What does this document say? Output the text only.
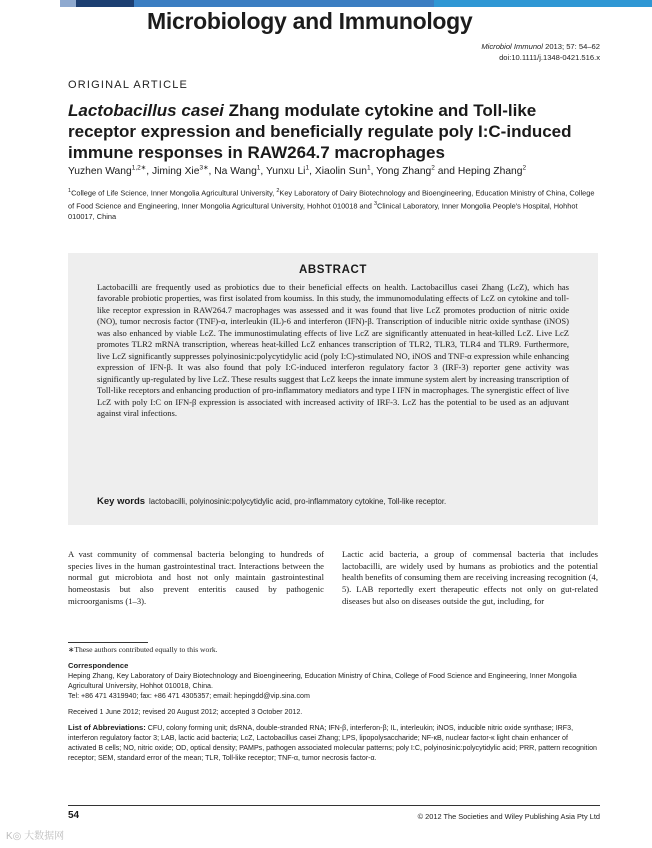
Microbiology and Immunology
Microbiol Immunol 2013; 57: 54–62
doi:10.1111/j.1348-0421.516.x
ORIGINAL ARTICLE
Lactobacillus casei Zhang modulate cytokine and Toll-like receptor expression and beneficially regulate poly I:C-induced immune responses in RAW264.7 macrophages
Yuzhen Wang$^{1,2∗}$, Jiming Xie$^{3∗}$, Na Wang$^1$, Yunxu Li$^1$, Xiaolin Sun$^1$, Yong Zhang$^2$ and Heping Zhang$^2$
$^1$College of Life Science, Inner Mongolia Agricultural University, $^2$Key Laboratory of Dairy Biotechnology and Bioengineering, Education Ministry of China, College of Food Science and Engineering, Inner Mongolia Agricultural University, Hohhot 010018 and $^3$Clinical Laboratory, Inner Mongolia People's Hospital, Hohhot 010017, China
ABSTRACT
Lactobacilli are frequently used as probiotics due to their beneficial effects on health. Lactobacillus casei Zhang (LcZ), which has favorable probiotic properties, was first isolated from koumiss. In this study, the immunomodulating effects of LcZ on cytokine and toll-like receptor expression in RAW264.7 macrophages was assessed and it was found that live LcZ promotes production of nitric oxide (NO), tumor necrosis factor (TNF)-α, interleukin (IL)-6 and interferon (IFN)-β. Transcription of inducible nitric oxide synthase (iNOS) was also enhanced by viable LcZ. The immunostimulating effects of live LcZ are significantly attenuated in heat-killed LcZ. Live LcZ promotes TLR2 mRNA transcription, whereas heat-killed LcZ enhances transcription of TLR2, TLR3, TLR4 and TLR9. Furthermore, live LcZ significantly suppresses polyinosinic:polycytidylic acid (poly I:C)-stimulated NO, iNOS and TNF-α expression while enhancing expression of IFN-β. It was also found that poly I:C-induced interferon regulatory factor 3 (IRF-3) reporter gene activity was significantly up-regulated by live LcZ. These results suggest that LcZ keeps the innate immune system alert by increasing transcription of Toll-like receptors and enhancing production of pro-inflammatory mediators and type I IFN in macrophages. The synergistic effect of live LcZ with poly I:C on IFN-β expression is associated with increased activity of IRF-3. LcZ has the potential to be used as an adjuvant against viral infections.
Key words lactobacilli, polyinosinic:polycytidylic acid, pro-inflammatory cytokine, Toll-like receptor.
A vast community of commensal bacteria belonging to hundreds of species lives in the human gastrointestinal tract. Interactions between the normal gut microbiota and host not only maintain gastrointestinal homeostasis but also prevent enteritis caused by pathogenic microorganisms (1–3).
Lactic acid bacteria, a group of commensal bacteria that includes lactobacilli, are widely used by humans as probiotics and the potential health benefits of consuming them are receiving increasing recognition (4, 5). LAB reportedly exert therapeutic effects not only on gut-related diseases but also on diseases outside the gut, including, for

∗These authors contributed equally to this work.

Correspondence

Heping Zhang, Key Laboratory of Dairy Biotechnology and Bioengineering, Education Ministry of China, College of Food Science and Engineering, Inner Mongolia Agricultural University, Hohhot 010018, China.

Tel: +86 471 4319940; fax: +86 471 4305357; email: hepingdd@vip.sina.com

Received 1 June 2012; revised 20 August 2012; accepted 3 October 2012.

List of Abbreviations: CFU, colony forming unit; dsRNA, double-stranded RNA; IFN-β, interferon-β; IL, interleukin; iNOS, inducible nitric oxide synthase; IRF3, interferon regulatory factor 3; LAB, lactic acid bacteria; LcZ, Lactobacillus casei Zhang; LPS, lipopolysaccharide; NF-κB, nuclear factor-κ light chain enhancer of activated B cells; NO, nitric oxide; OD, optical density; PAMPs, pathogen associated molecular patterns; poly I:C, polyinosinic:polycytidylic acid; PRR, pattern recognition receptor; SEM, standard error of the mean; TLR, Toll-like receptor; TNF-α, tumor necrosis factor-α.

54	© 2012 The Societies and Wiley Publishing Asia Pty Ltd
K◎ 大数据网
